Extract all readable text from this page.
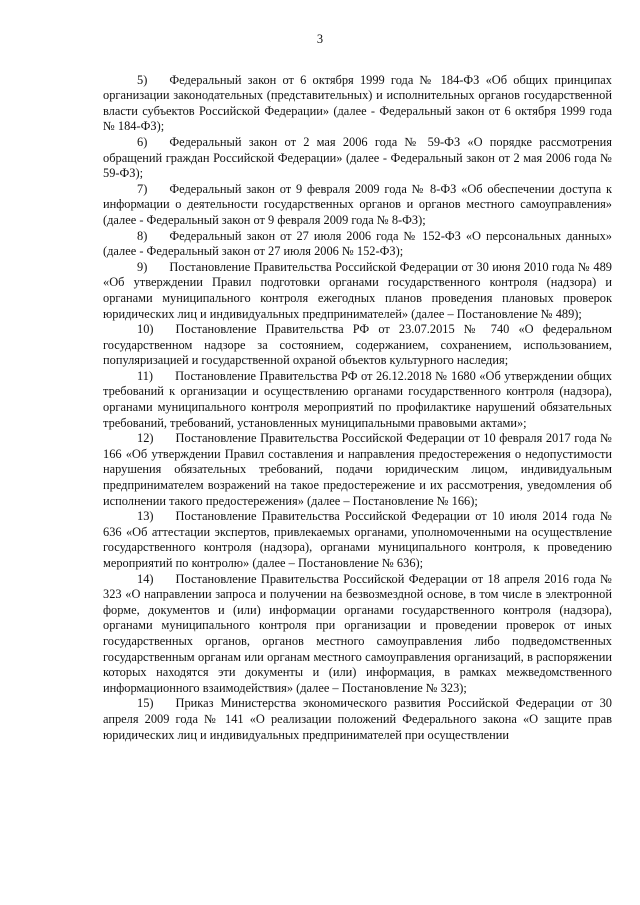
3

5) Федеральный закон от 6 октября 1999 года № 184-ФЗ «Об общих принципах организации законодательных (представительных) и исполнительных органов государственной власти субъектов Российской Федерации» (далее - Федеральный закон от 6 октября 1999 года № 184-ФЗ);

6) Федеральный закон от 2 мая 2006 года № 59-ФЗ «О порядке рассмотрения обращений граждан Российской Федерации» (далее - Федеральный закон от 2 мая 2006 года № 59-ФЗ);

7) Федеральный закон от 9 февраля 2009 года № 8-ФЗ «Об обеспечении доступа к информации о деятельности государственных органов и органов местного самоуправления» (далее - Федеральный закон от 9 февраля 2009 года № 8-ФЗ);

8) Федеральный закон от 27 июля 2006 года № 152-ФЗ «О персональных данных» (далее - Федеральный закон от 27 июля 2006 № 152-ФЗ);

9) Постановление Правительства Российской Федерации от 30 июня 2010 года № 489 «Об утверждении Правил подготовки органами государственного контроля (надзора) и органами муниципального контроля ежегодных планов проведения плановых проверок юридических лиц и индивидуальных предпринимателей» (далее – Постановление № 489);

10) Постановление Правительства РФ от 23.07.2015 № 740 «О федеральном государственном надзоре за состоянием, содержанием, сохранением, использованием, популяризацией и государственной охраной объектов культурного наследия;

11) Постановление Правительства РФ от 26.12.2018 № 1680 «Об утверждении общих требований к организации и осуществлению органами государственного контроля (надзора), органами муниципального контроля мероприятий по профилактике нарушений обязательных требований, требований, установленных муниципальными правовыми актами»;

12) Постановление Правительства Российской Федерации от 10 февраля 2017 года № 166 «Об утверждении Правил составления и направления предостережения о недопустимости нарушения обязательных требований, подачи юридическим лицом, индивидуальным предпринимателем возражений на такое предостережение и их рассмотрения, уведомления об исполнении такого предостережения» (далее – Постановление № 166);

13) Постановление Правительства Российской Федерации от 10 июля 2014 года № 636 «Об аттестации экспертов, привлекаемых органами, уполномоченными на осуществление государственного контроля (надзора), органами муниципального контроля, к проведению мероприятий по контролю» (далее – Постановление № 636);

14) Постановление Правительства Российской Федерации от 18 апреля 2016 года № 323 «О направлении запроса и получении на безвозмездной основе, в том числе в электронной форме, документов и (или) информации органами государственного контроля (надзора), органами муниципального контроля при организации и проведении проверок от иных государственных органов, органов местного самоуправления либо подведомственных государственным органам или органам местного самоуправления организаций, в распоряжении которых находятся эти документы и (или) информация, в рамках межведомственного информационного взаимодействия» (далее – Постановление № 323);

15) Приказ Министерства экономического развития Российской Федерации от 30 апреля 2009 года № 141 «О реализации положений Федерального закона «О защите прав юридических лиц и индивидуальных предпринимателей при осуществлении
